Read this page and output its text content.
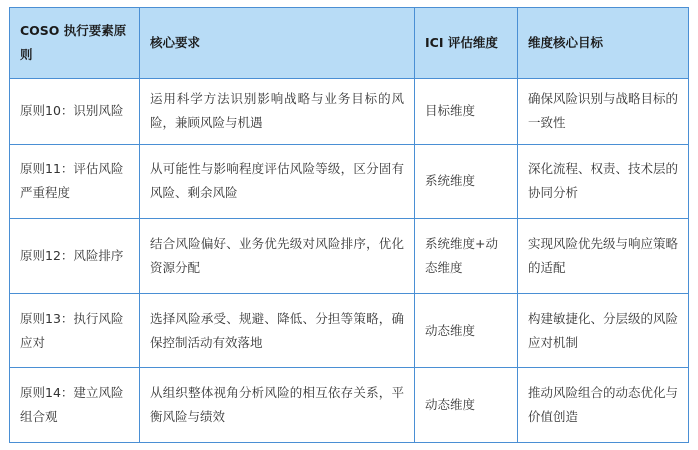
COSO 执行要素原则	核心要求	ICI 评估维度	维度核心目标
原则10：识别风险	运用科学方法识别影响战略与业务目标的风险，兼顾风险与机遇	目标维度	确保风险识别与战略目标的一致性
原则11：评估风险严重程度	从可能性与影响程度评估风险等级，区分固有风险、剩余风险	系统维度	深化流程、权责、技术层的协同分析
原则12：风险排序	结合风险偏好、业务优先级对风险排序，优化资源分配	系统维度+动态维度	实现风险优先级与响应策略的适配
原则13：执行风险应对	选择风险承受、规避、降低、分担等策略，确保控制活动有效落地	动态维度	构建敏捷化、分层级的风险应对机制
原则14：建立风险组合观	从组织整体视角分析风险的相互依存关系，平衡风险与绩效	动态维度	推动风险组合的动态优化与价值创造
